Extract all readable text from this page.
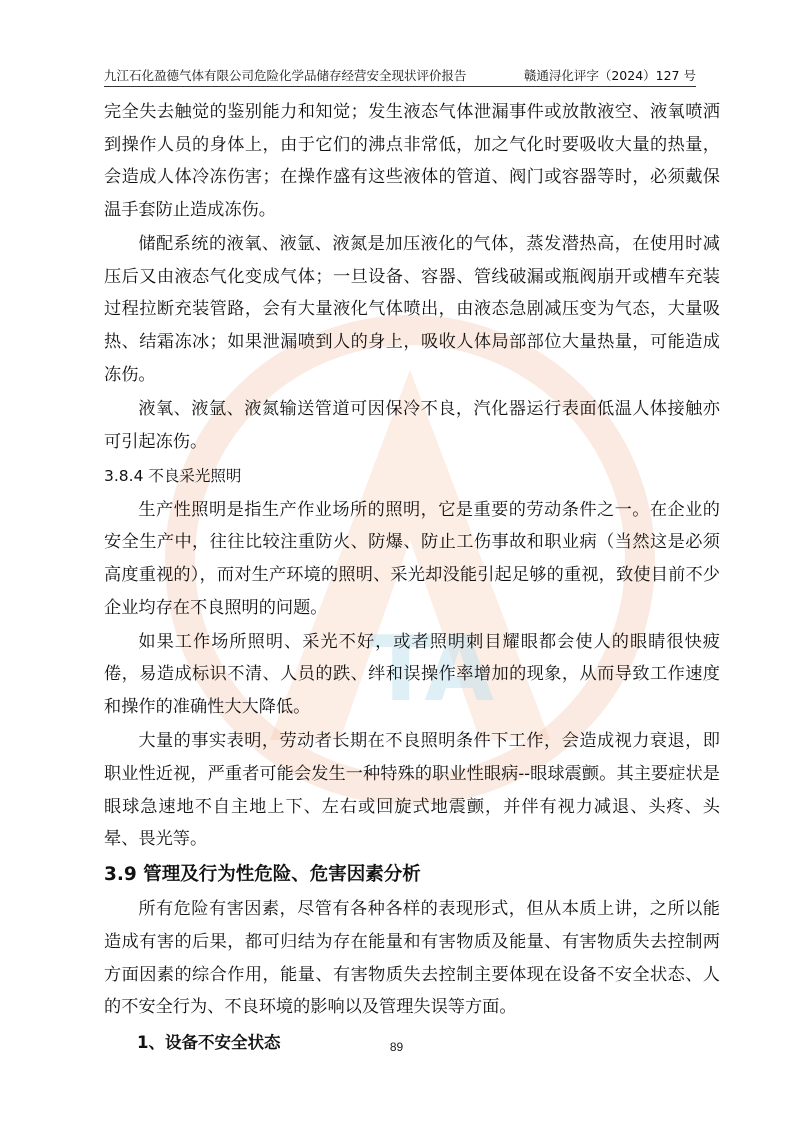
九江石化盈德气体有限公司危险化学品储存经营安全现状评价报告	赣通浔化评字（2024）127 号
TA

完全失去触觉的鉴别能力和知觉；发生液态气体泄漏事件或放散液空、液氧喷洒到操作人员的身体上，由于它们的沸点非常低，加之气化时要吸收大量的热量，会造成人体冷冻伤害；在操作盛有这些液体的管道、阀门或容器等时，必须戴保温手套防止造成冻伤。

储配系统的液氧、液氩、液氮是加压液化的气体，蒸发潜热高，在使用时减压后又由液态气化变成气体；一旦设备、容器、管线破漏或瓶阀崩开或槽车充装过程拉断充装管路，会有大量液化气体喷出，由液态急剧减压变为气态，大量吸热、结霜冻冰；如果泄漏喷到人的身上，吸收人体局部部位大量热量，可能造成冻伤。

液氧、液氩、液氮输送管道可因保冷不良，汽化器运行表面低温人体接触亦可引起冻伤。

3.8.4 不良采光照明

生产性照明是指生产作业场所的照明，它是重要的劳动条件之一。在企业的安全生产中，往往比较注重防火、防爆、防止工伤事故和职业病（当然这是必须高度重视的），而对生产环境的照明、采光却没能引起足够的重视，致使目前不少企业均存在不良照明的问题。

如果工作场所照明、采光不好，或者照明刺目耀眼都会使人的眼睛很快疲倦，易造成标识不清、人员的跌、绊和误操作率增加的现象，从而导致工作速度和操作的准确性大大降低。

大量的事实表明，劳动者长期在不良照明条件下工作，会造成视力衰退，即职业性近视，严重者可能会发生一种特殊的职业性眼病--眼球震颤。其主要症状是眼球急速地不自主地上下、左右或回旋式地震颤，并伴有视力减退、头疼、头晕、畏光等。

3.9 管理及行为性危险、危害因素分析

所有危险有害因素，尽管有各种各样的表现形式，但从本质上讲，之所以能造成有害的后果，都可归结为存在能量和有害物质及能量、有害物质失去控制两方面因素的综合作用，能量、有害物质失去控制主要体现在设备不安全状态、人的不安全行为、不良环境的影响以及管理失误等方面。

1、设备不安全状态	89
